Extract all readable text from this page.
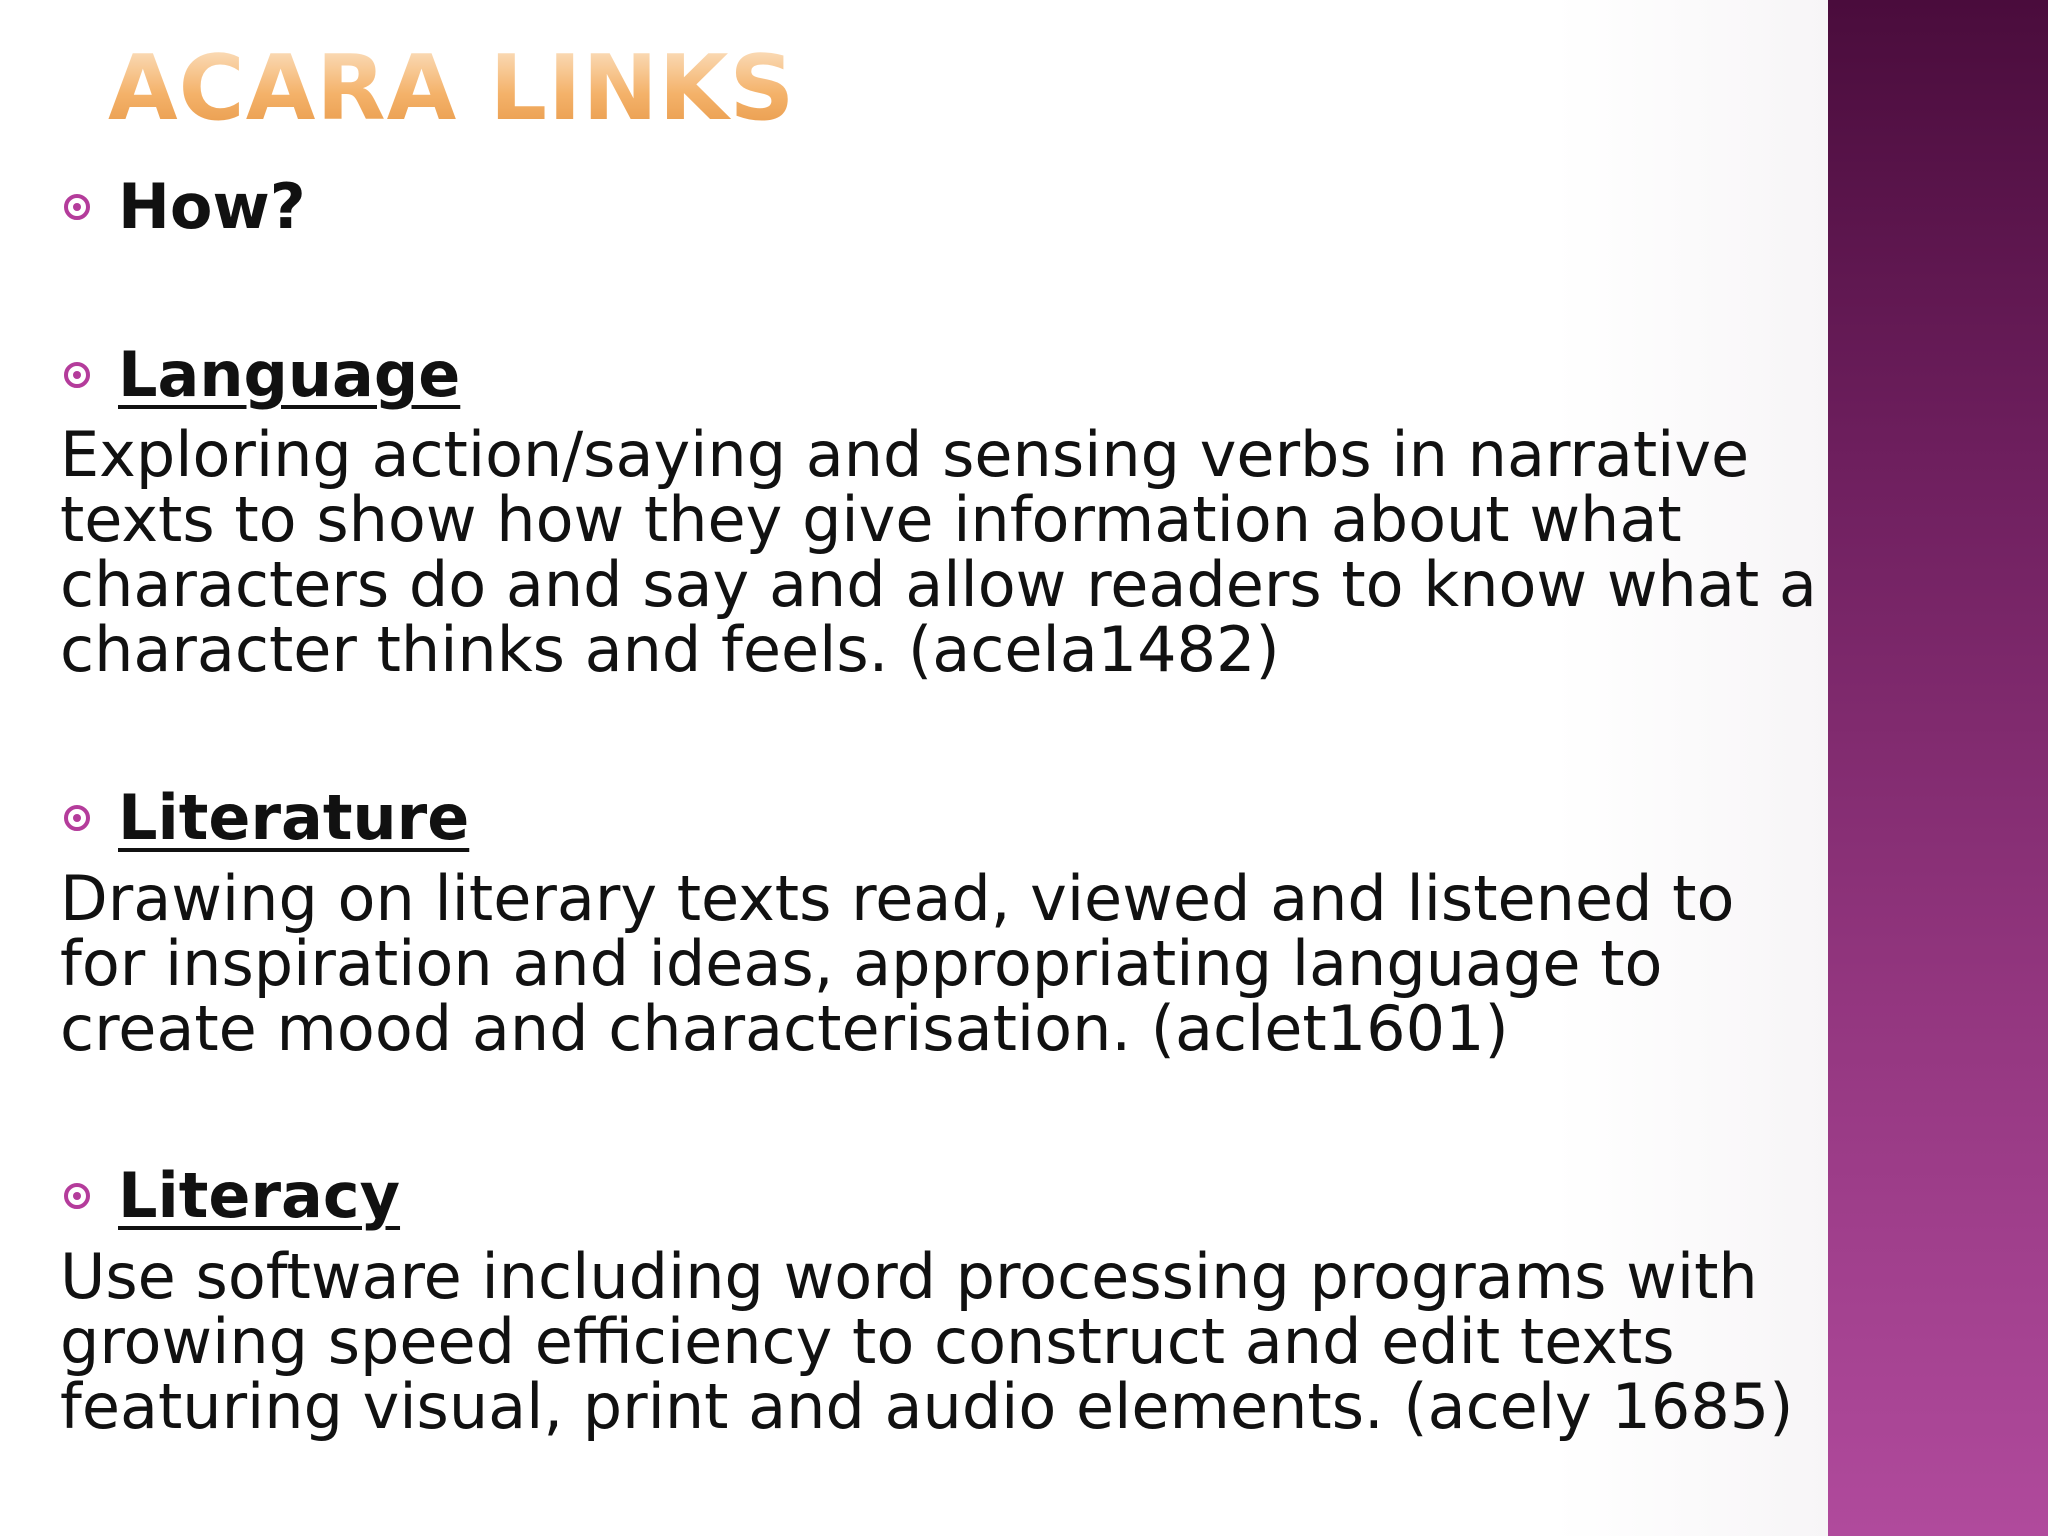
ACARA LINKS
How?
Language

Exploring action/saying and sensing verbs in narrative
texts to show how they give information about what
characters do and say and allow readers to know what a
character thinks and feels. (acela1482)

Literature

Drawing on literary texts read, viewed and listened to
for inspiration and ideas, appropriating language to
create mood and characterisation. (aclet1601)

Literacy

Use software including word processing programs with
growing speed efficiency to construct and edit texts
featuring visual, print and audio elements. (acely 1685)
